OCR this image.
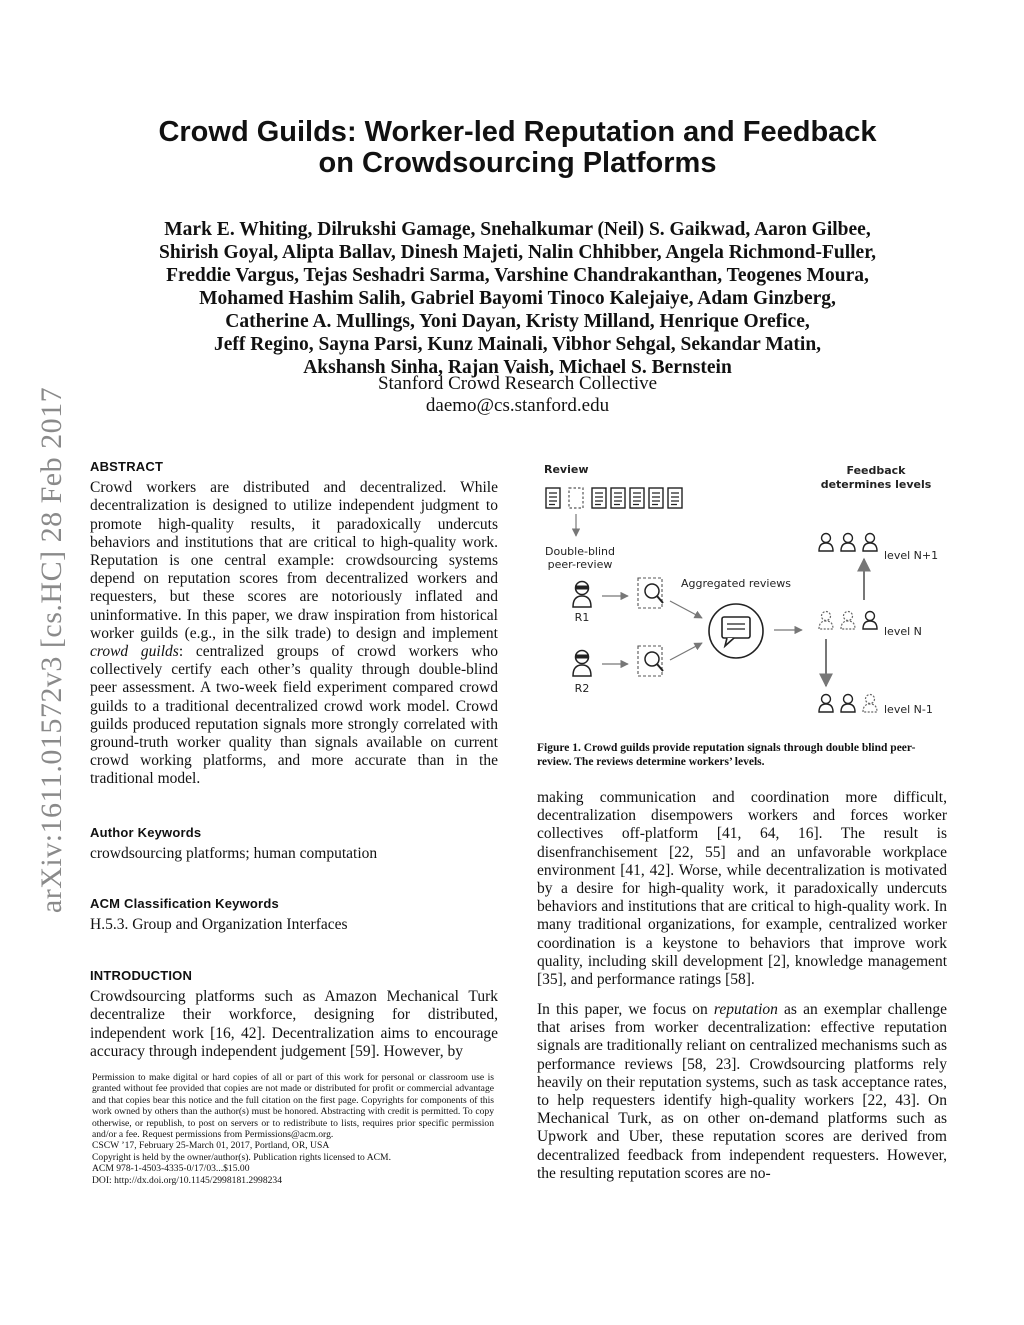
arXiv:1611.01572v3 [cs.HC] 28 Feb 2017
Crowd Guilds: Worker-led Reputation and Feedback
on Crowdsourcing Platforms
Mark E. Whiting, Dilrukshi Gamage, Snehalkumar (Neil) S. Gaikwad, Aaron Gilbee,
Shirish Goyal, Alipta Ballav, Dinesh Majeti, Nalin Chhibber, Angela Richmond-Fuller,
Freddie Vargus, Tejas Seshadri Sarma, Varshine Chandrakanthan, Teogenes Moura,
Mohamed Hashim Salih, Gabriel Bayomi Tinoco Kalejaiye, Adam Ginzberg,
Catherine A. Mullings, Yoni Dayan, Kristy Milland, Henrique Orefice,
Jeff Regino, Sayna Parsi, Kunz Mainali, Vibhor Sehgal, Sekandar Matin,
Akshansh Sinha, Rajan Vaish, Michael S. Bernstein
Stanford Crowd Research Collective
daemo@cs.stanford.edu
ABSTRACT

Crowd workers are distributed and decentralized. While decentralization is designed to utilize independent judgment to promote high-quality results, it paradoxically undercuts behaviors and institutions that are critical to high-quality work. Reputation is one central example: crowdsourcing systems depend on reputation scores from decentralized workers and requesters, but these scores are notoriously inflated and uninformative. In this paper, we draw inspiration from historical worker guilds (e.g., in the silk trade) to design and implement crowd guilds: centralized groups of crowd workers who collectively certify each other’s quality through double-blind peer assessment. A two-week field experiment compared crowd guilds to a traditional decentralized crowd work model. Crowd guilds produced reputation signals more strongly correlated with ground-truth worker quality than signals available on current crowd working platforms, and more accurate than in the traditional model.

Author Keywords

crowdsourcing platforms; human computation

ACM Classification Keywords

H.5.3. Group and Organization Interfaces

INTRODUCTION

Crowdsourcing platforms such as Amazon Mechanical Turk decentralize their workforce, designing for distributed, independent work [16, 42]. Decentralization aims to encourage accuracy through independent judgement [59]. However, by

Permission to make digital or hard copies of all or part of this work for personal or classroom use is granted without fee provided that copies are not made or distributed for profit or commercial advantage and that copies bear this notice and the full citation on the first page. Copyrights for components of this work owned by others than the author(s) must be honored. Abstracting with credit is permitted. To copy otherwise, or republish, to post on servers or to redistribute to lists, requires prior specific permission and/or a fee. Request permissions from Permissions@acm.org.

CSCW ’17, February 25-March 01, 2017, Portland, OR, USA

Copyright is held by the owner/author(s). Publication rights licensed to ACM.

ACM 978-1-4503-4335-0/17/03...$15.00

DOI: http://dx.doi.org/10.1145/2998181.2998234

Review	Feedback
determines levels
Double-blind
peer-review
R1
R2
Aggregated reviews
level N+1
level N
level N-1
Figure 1. Crowd guilds provide reputation signals through double blind peer-review. The reviews determine workers’ levels.

making communication and coordination more difficult, decentralization disempowers workers and forces worker collectives off-platform [41, 64, 16]. The result is disenfranchisement [22, 55] and an unfavorable workplace environment [41, 42]. Worse, while decentralization is motivated by a desire for high-quality work, it paradoxically undercuts behaviors and institutions that are critical to high-quality work. In many traditional organizations, for example, centralized worker coordination is a keystone to behaviors that improve work quality, including skill development [2], knowledge management [35], and performance ratings [58].

In this paper, we focus on reputation as an exemplar challenge that arises from worker decentralization: effective reputation signals are traditionally reliant on centralized mechanisms such as performance reviews [58, 23]. Crowdsourcing platforms rely heavily on their reputation systems, such as task acceptance rates, to help requesters identify high-quality workers [22, 43]. On Mechanical Turk, as on other on-demand platforms such as Upwork and Uber, these reputation scores are derived from decentralized feedback from independent requesters. However, the resulting reputation scores are no-
